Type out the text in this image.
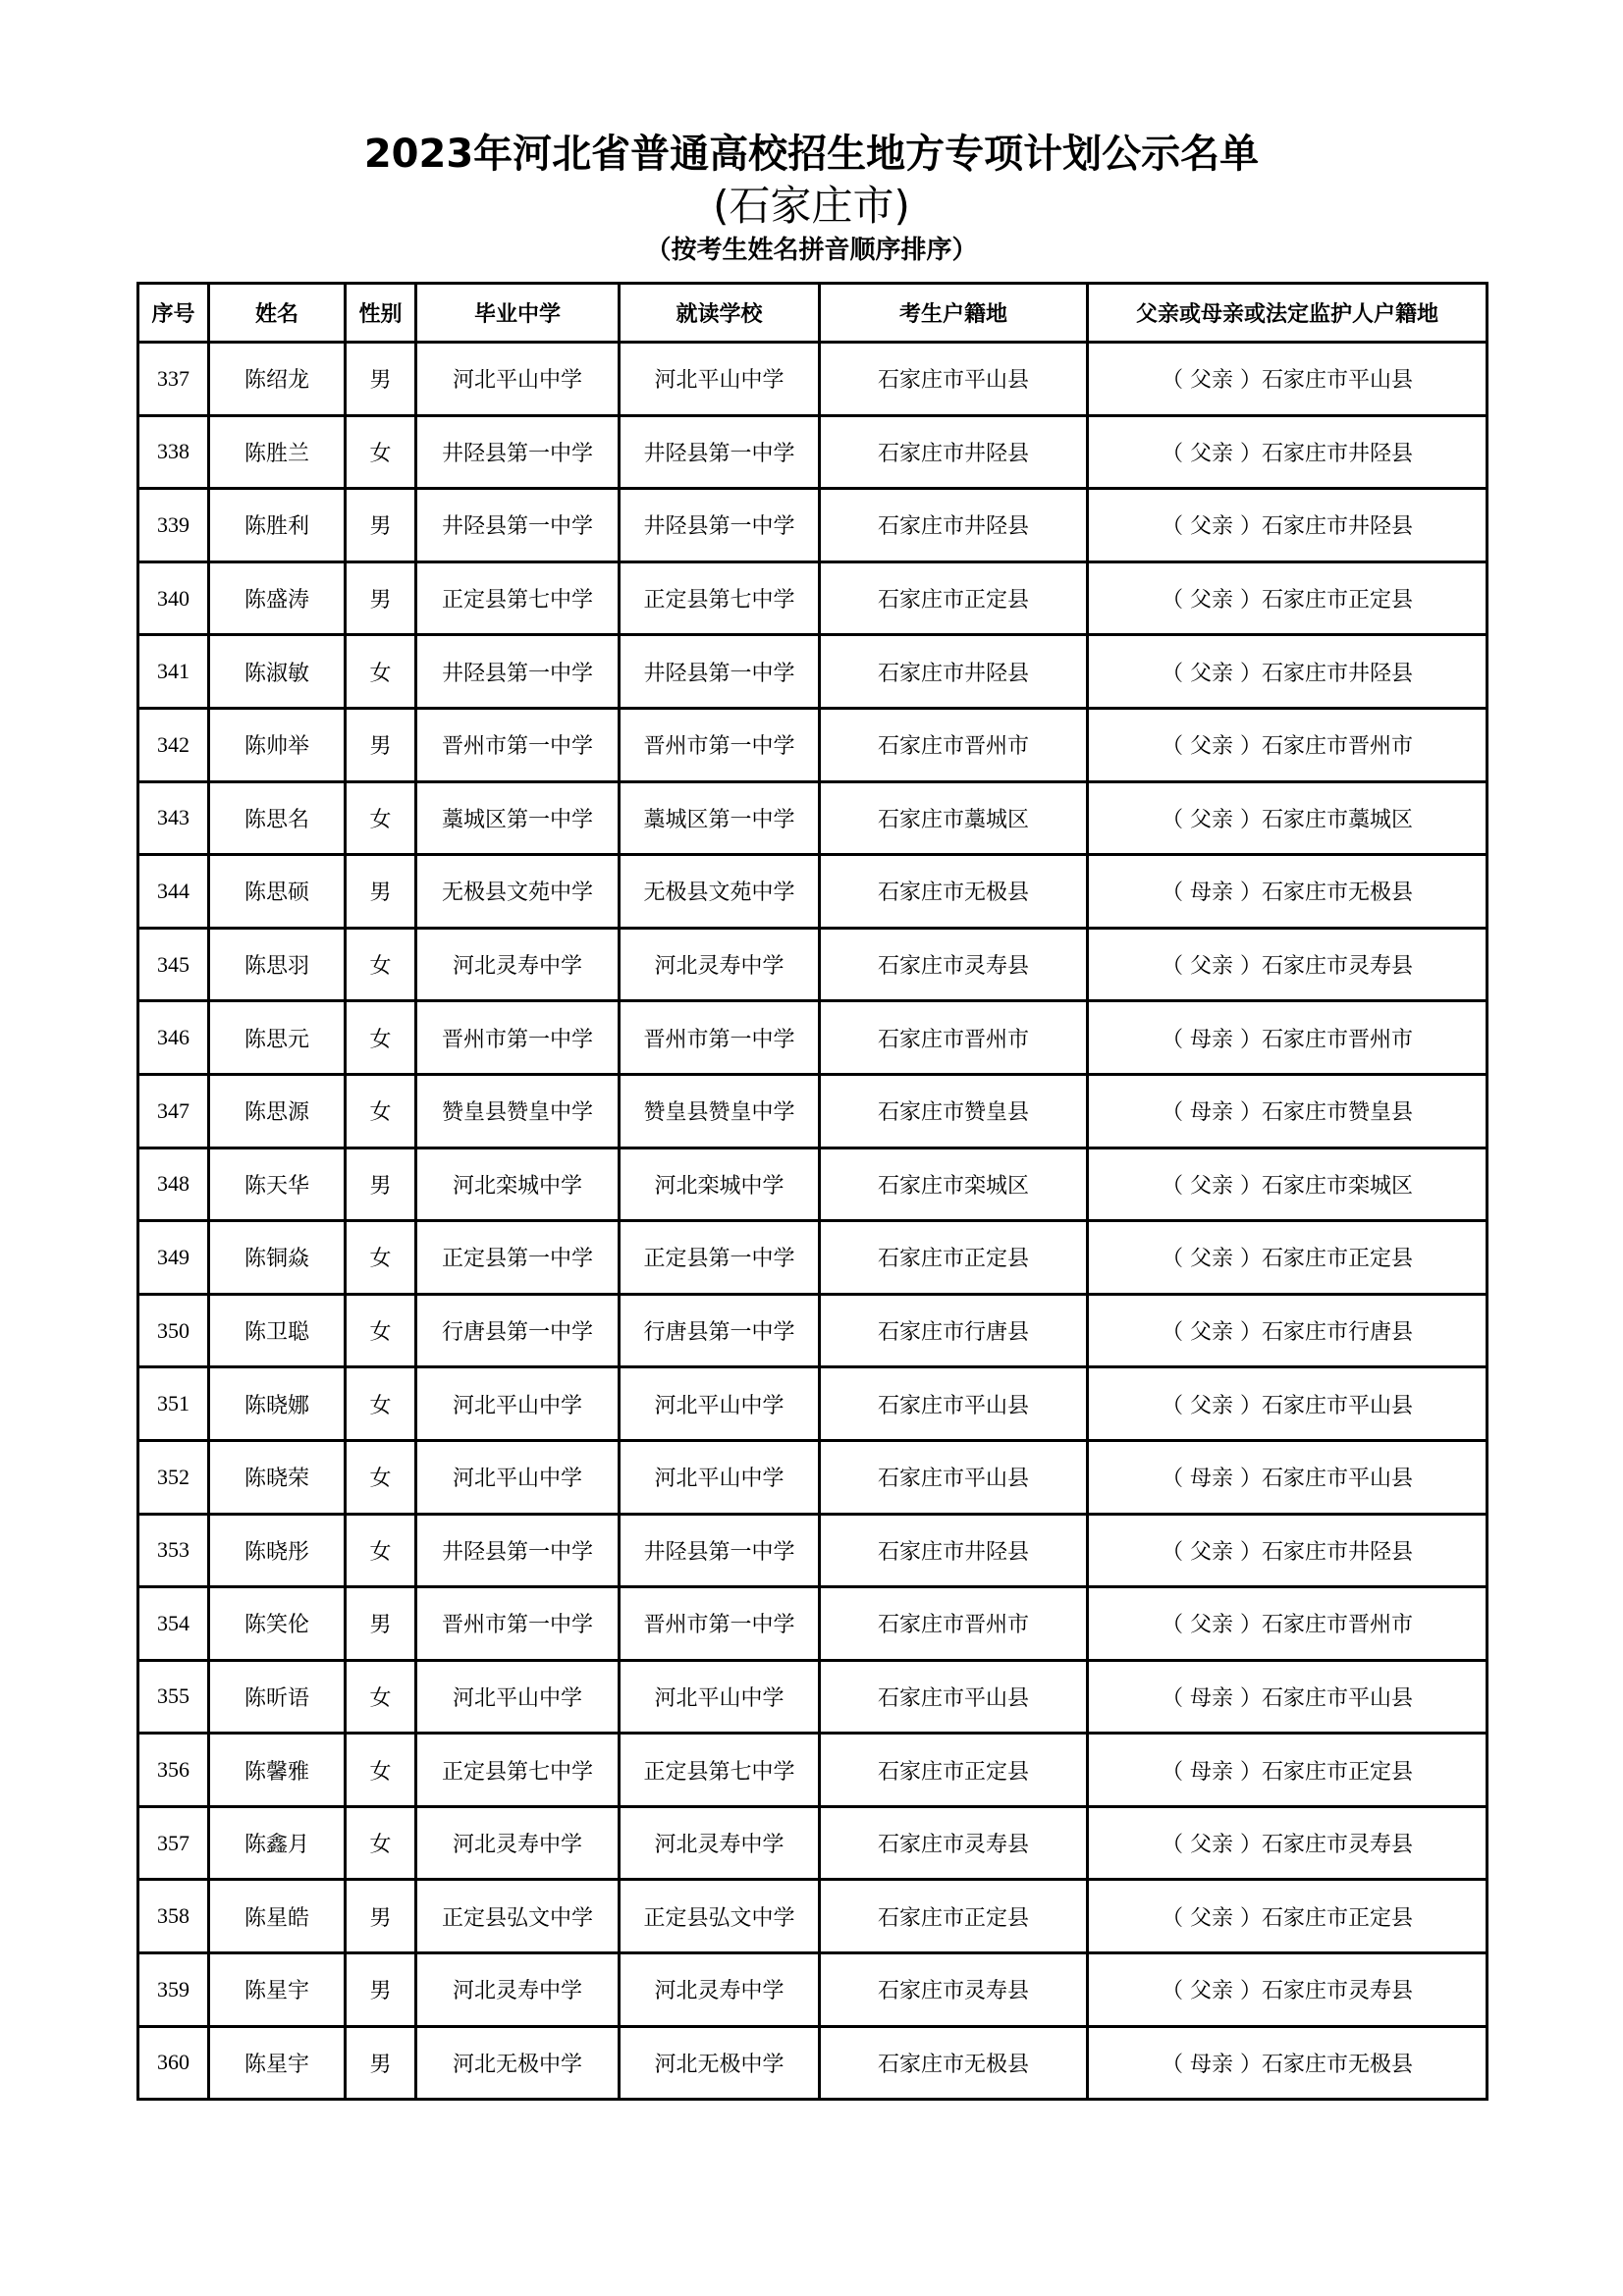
2023年河北省普通高校招生地方专项计划公示名单
(石家庄市)
（按考生姓名拼音顺序排序）
序号	姓名	性别	毕业中学	就读学校	考生户籍地	父亲或母亲或法定监护人户籍地
337	陈绍龙	男	河北平山中学	河北平山中学	石家庄市平山县	（ 父亲 ）石家庄市平山县
338	陈胜兰	女	井陉县第一中学	井陉县第一中学	石家庄市井陉县	（ 父亲 ）石家庄市井陉县
339	陈胜利	男	井陉县第一中学	井陉县第一中学	石家庄市井陉县	（ 父亲 ）石家庄市井陉县
340	陈盛涛	男	正定县第七中学	正定县第七中学	石家庄市正定县	（ 父亲 ）石家庄市正定县
341	陈淑敏	女	井陉县第一中学	井陉县第一中学	石家庄市井陉县	（ 父亲 ）石家庄市井陉县
342	陈帅举	男	晋州市第一中学	晋州市第一中学	石家庄市晋州市	（ 父亲 ）石家庄市晋州市
343	陈思名	女	藁城区第一中学	藁城区第一中学	石家庄市藁城区	（ 父亲 ）石家庄市藁城区
344	陈思硕	男	无极县文苑中学	无极县文苑中学	石家庄市无极县	（ 母亲 ）石家庄市无极县
345	陈思羽	女	河北灵寿中学	河北灵寿中学	石家庄市灵寿县	（ 父亲 ）石家庄市灵寿县
346	陈思元	女	晋州市第一中学	晋州市第一中学	石家庄市晋州市	（ 母亲 ）石家庄市晋州市
347	陈思源	女	赞皇县赞皇中学	赞皇县赞皇中学	石家庄市赞皇县	（ 母亲 ）石家庄市赞皇县
348	陈天华	男	河北栾城中学	河北栾城中学	石家庄市栾城区	（ 父亲 ）石家庄市栾城区
349	陈铜焱	女	正定县第一中学	正定县第一中学	石家庄市正定县	（ 父亲 ）石家庄市正定县
350	陈卫聪	女	行唐县第一中学	行唐县第一中学	石家庄市行唐县	（ 父亲 ）石家庄市行唐县
351	陈晓娜	女	河北平山中学	河北平山中学	石家庄市平山县	（ 父亲 ）石家庄市平山县
352	陈晓荣	女	河北平山中学	河北平山中学	石家庄市平山县	（ 母亲 ）石家庄市平山县
353	陈晓彤	女	井陉县第一中学	井陉县第一中学	石家庄市井陉县	（ 父亲 ）石家庄市井陉县
354	陈笑伦	男	晋州市第一中学	晋州市第一中学	石家庄市晋州市	（ 父亲 ）石家庄市晋州市
355	陈昕语	女	河北平山中学	河北平山中学	石家庄市平山县	（ 母亲 ）石家庄市平山县
356	陈馨雅	女	正定县第七中学	正定县第七中学	石家庄市正定县	（ 母亲 ）石家庄市正定县
357	陈鑫月	女	河北灵寿中学	河北灵寿中学	石家庄市灵寿县	（ 父亲 ）石家庄市灵寿县
358	陈星皓	男	正定县弘文中学	正定县弘文中学	石家庄市正定县	（ 父亲 ）石家庄市正定县
359	陈星宇	男	河北灵寿中学	河北灵寿中学	石家庄市灵寿县	（ 父亲 ）石家庄市灵寿县
360	陈星宇	男	河北无极中学	河北无极中学	石家庄市无极县	（ 母亲 ）石家庄市无极县
